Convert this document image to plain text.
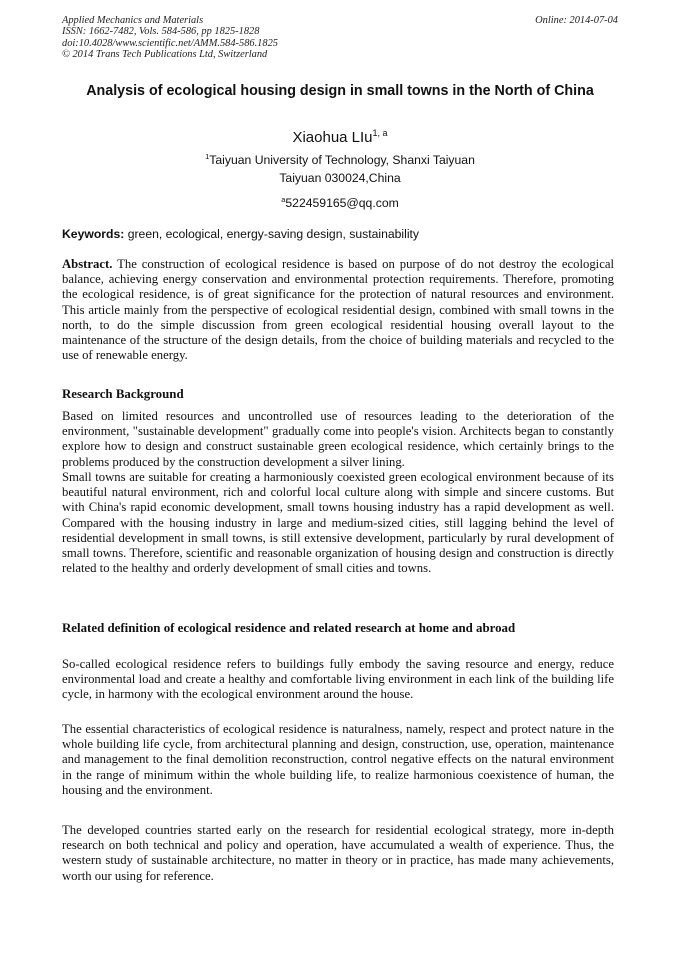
Applied Mechanics and Materials
ISSN: 1662-7482, Vols. 584-586, pp 1825-1828
doi:10.4028/www.scientific.net/AMM.584-586.1825
© 2014 Trans Tech Publications Ltd, Switzerland
Online: 2014-07-04
Analysis of ecological housing design in small towns in the North of China
Xiaohua LIu$^{1, a}$
$^1$Taiyuan University of Technology, Shanxi Taiyuan
Taiyuan 030024,China
$^a$522459165@qq.com
Keywords: green, ecological, energy-saving design, sustainability
Abstract. The construction of ecological residence is based on purpose of do not destroy the ecological balance, achieving energy conservation and environmental protection requirements. Therefore, promoting the ecological residence, is of great significance for the protection of natural resources and environment. This article mainly from the perspective of ecological residential design, combined with small towns in the north, to do the simple discussion from green ecological residential housing overall layout to the maintenance of the structure of the design details, from the choice of building materials and recycled to the use of renewable energy.
Research Background
Based on limited resources and uncontrolled use of resources leading to the deterioration of the environment, "sustainable development" gradually come into people's vision. Architects began to constantly explore how to design and construct sustainable green ecological residence, which certainly brings to the problems produced by the construction development a silver lining.
Small towns are suitable for creating a harmoniously coexisted green ecological environment because of its beautiful natural environment, rich and colorful local culture along with simple and sincere customs. But with China's rapid economic development, small towns housing industry has a rapid development as well. Compared with the housing industry in large and medium-sized cities, still lagging behind the level of residential development in small towns, is still extensive development, particularly by rural development of small towns. Therefore, scientific and reasonable organization of housing design and construction is directly related to the healthy and orderly development of small cities and towns.
Related definition of ecological residence and related research at home and abroad
So-called ecological residence refers to buildings fully embody the saving resource and energy, reduce environmental load and create a healthy and comfortable living environment in each link of the building life cycle, in harmony with the ecological environment around the house.
The essential characteristics of ecological residence is naturalness, namely, respect and protect nature in the whole building life cycle, from architectural planning and design, construction, use, operation, maintenance and management to the final demolition reconstruction, control negative effects on the natural environment in the range of minimum within the whole building life, to realize harmonious coexistence of human, the housing and the environment.
The developed countries started early on the research for residential ecological strategy, more in-depth research on both technical and policy and operation, have accumulated a wealth of experience. Thus, the western study of sustainable architecture, no matter in theory or in practice, has made many achievements, worth our using for reference.
